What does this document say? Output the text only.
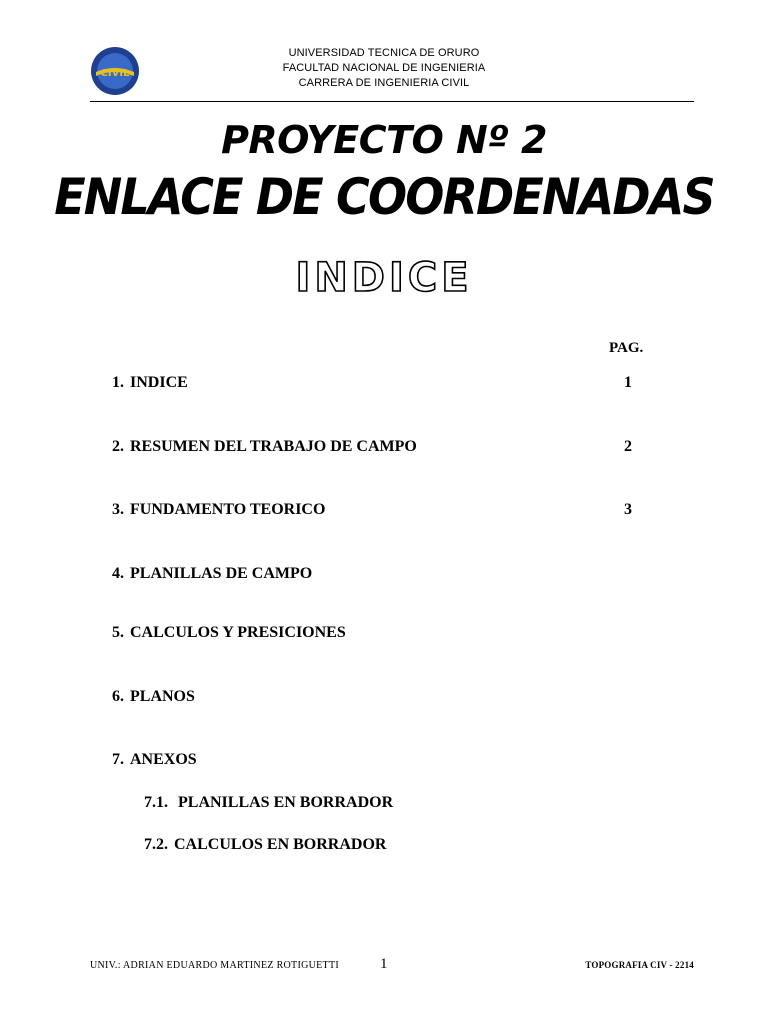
CIVIL
UNIVERSIDAD TECNICA DE ORURO
FACULTAD NACIONAL DE INGENIERIA
CARRERA DE INGENIERIA CIVIL
PROYECTO Nº 2
ENLACE DE COORDENADAS
INDICE
PAG.
1. INDICE	1
2. RESUMEN DEL TRABAJO DE CAMPO	2
3. FUNDAMENTO TEORICO	3
4. PLANILLAS DE CAMPO
5. CALCULOS Y PRESICIONES
6. PLANOS
7. ANEXOS
7.1. PLANILLAS EN BORRADOR
7.2. CALCULOS EN BORRADOR
UNIV.: ADRIAN EDUARDO MARTINEZ ROTIGUETTI	1	TOPOGRAFIA CIV - 2214
